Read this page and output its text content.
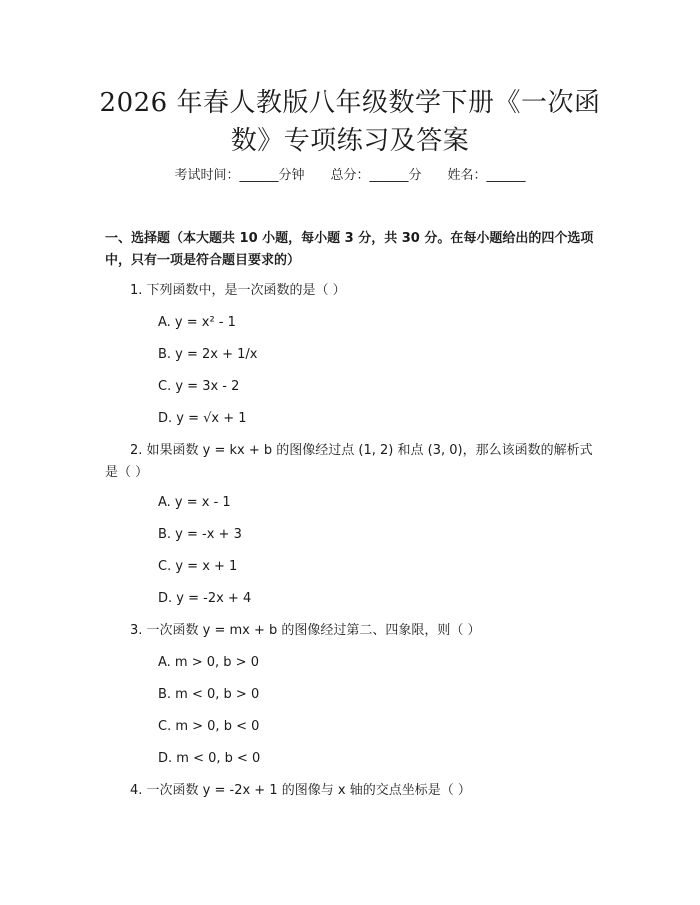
2026 年春人教版八年级数学下册《一次函
数》专项练习及答案
考试时间：______分钟 总分：______分 姓名：______
一、选择题（本大题共 10 小题，每小题 3 分，共 30 分。在每小题给出的四个选项中，只有一项是符合题目要求的）
1. 下列函数中，是一次函数的是（ ）
A. y = x² - 1
B. y = 2x + 1/x
C. y = 3x - 2
D. y = √x + 1
2. 如果函数 y = kx + b 的图像经过点 (1, 2) 和点 (3, 0)，那么该函数的解析式是（ ）
A. y = x - 1
B. y = -x + 3
C. y = x + 1
D. y = -2x + 4
3. 一次函数 y = mx + b 的图像经过第二、四象限，则（ ）
A. m > 0, b > 0
B. m < 0, b > 0
C. m > 0, b < 0
D. m < 0, b < 0
4. 一次函数 y = -2x + 1 的图像与 x 轴的交点坐标是（ ）
